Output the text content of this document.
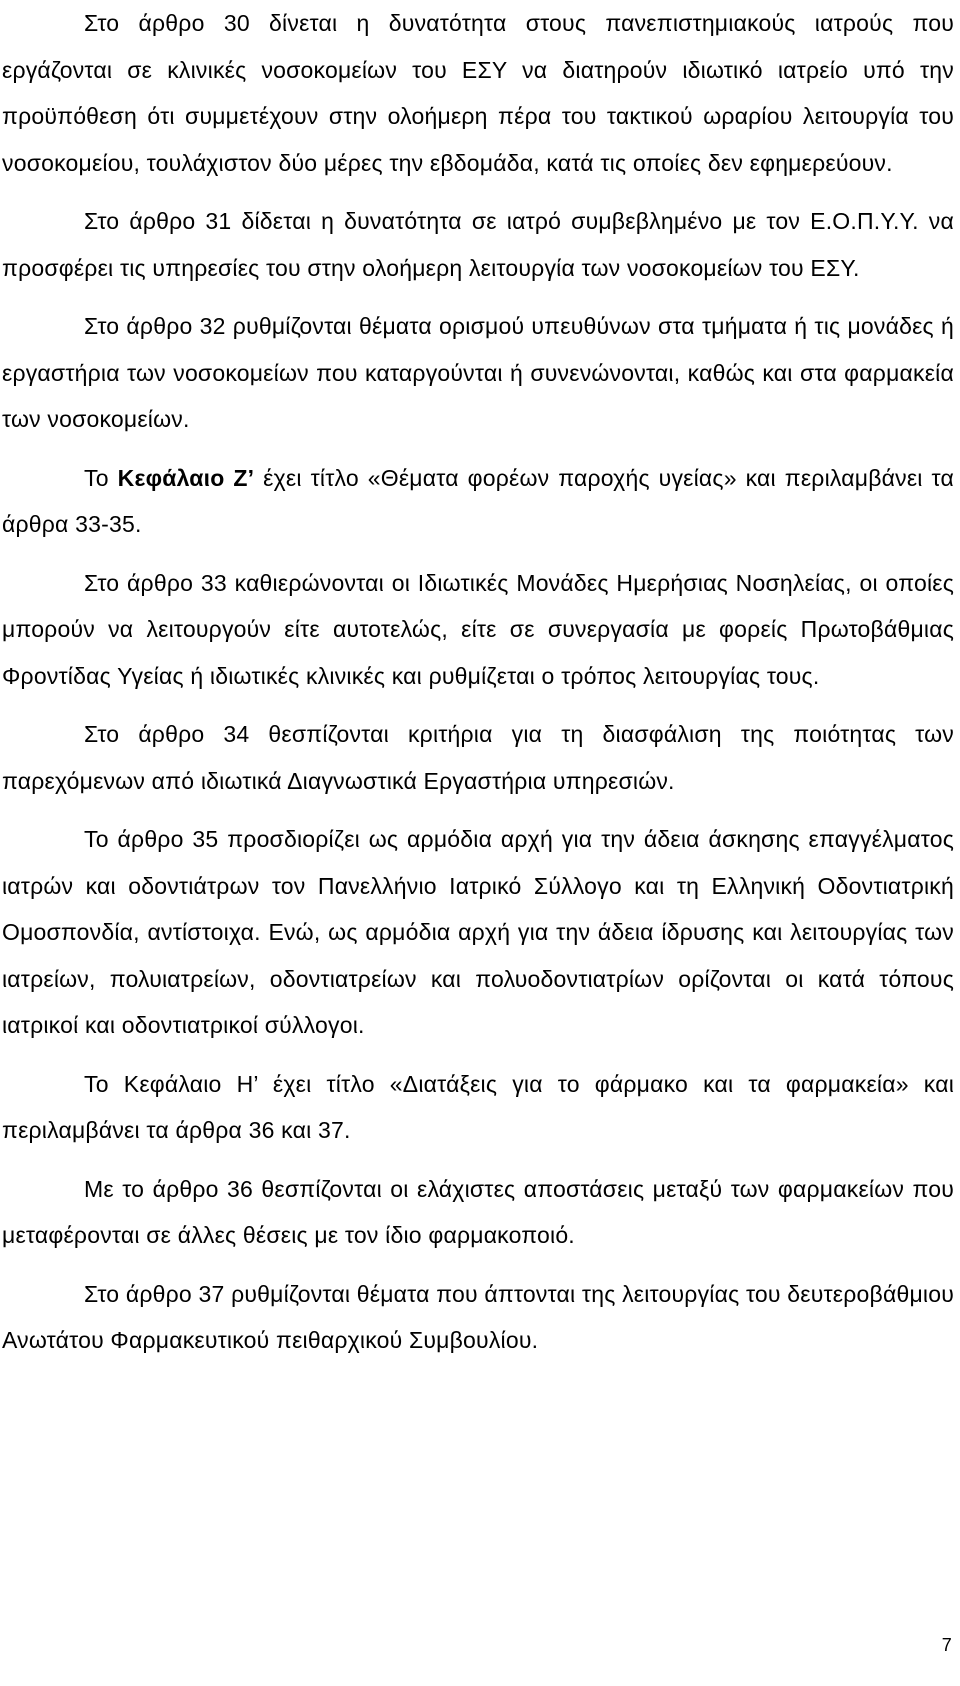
Στο άρθρο 30 δίνεται η δυνατότητα στους πανεπιστημιακούς ιατρούς που εργάζονται σε κλινικές νοσοκομείων του ΕΣΥ να διατηρούν ιδιωτικό ιατρείο υπό την προϋπόθεση ότι συμμετέχουν στην ολοήμερη πέρα του τακτικού ωραρίου λειτουργία του νοσοκομείου, τουλάχιστον δύο μέρες την εβδομάδα, κατά τις οποίες δεν εφημερεύουν.

Στο άρθρο 31 δίδεται η δυνατότητα σε ιατρό συμβεβλημένο με τον Ε.Ο.Π.Υ.Υ. να προσφέρει τις υπηρεσίες του στην ολοήμερη λειτουργία των νοσοκομείων του ΕΣΥ.

Στο άρθρο 32 ρυθμίζονται θέματα ορισμού υπευθύνων στα τμήματα ή τις μονάδες ή εργαστήρια των νοσοκομείων που καταργούνται ή συνενώνονται, καθώς και στα φαρμακεία των νοσοκομείων.

Το Κεφάλαιο Ζ’ έχει τίτλο «Θέματα φορέων παροχής υγείας» και περιλαμβάνει τα άρθρα 33-35.

Στο άρθρο 33 καθιερώνονται οι Ιδιωτικές Μονάδες Ημερήσιας Νοσηλείας, οι οποίες μπορούν να λειτουργούν είτε αυτοτελώς, είτε σε συνεργασία με φορείς Πρωτοβάθμιας Φροντίδας Υγείας ή ιδιωτικές κλινικές και ρυθμίζεται ο τρόπος λειτουργίας τους.

Στο άρθρο 34 θεσπίζονται κριτήρια για τη διασφάλιση της ποιότητας των παρεχόμενων από ιδιωτικά Διαγνωστικά Εργαστήρια υπηρεσιών.

Το άρθρο 35 προσδιορίζει ως αρμόδια αρχή για την άδεια άσκησης επαγγέλματος ιατρών και οδοντιάτρων τον Πανελλήνιο Ιατρικό Σύλλογο και τη Ελληνική Οδοντιατρική Ομοσπονδία, αντίστοιχα. Ενώ, ως αρμόδια αρχή για την άδεια ίδρυσης και λειτουργίας των ιατρείων, πολυιατρείων, οδοντιατρείων και πολυοδοντιατρίων ορίζονται οι κατά τόπους ιατρικοί και οδοντιατρικοί σύλλογοι.

Το Κεφάλαιο Η’ έχει τίτλο «Διατάξεις για το φάρμακο και τα φαρμακεία» και περιλαμβάνει τα άρθρα 36 και 37.

Με το άρθρο 36 θεσπίζονται οι ελάχιστες αποστάσεις μεταξύ των φαρμακείων που μεταφέρονται σε άλλες θέσεις με τον ίδιο φαρμακοποιό.

Στο άρθρο 37 ρυθμίζονται θέματα που άπτονται της λειτουργίας του δευτεροβάθμιου Ανωτάτου Φαρμακευτικού πειθαρχικού Συμβουλίου.

7
